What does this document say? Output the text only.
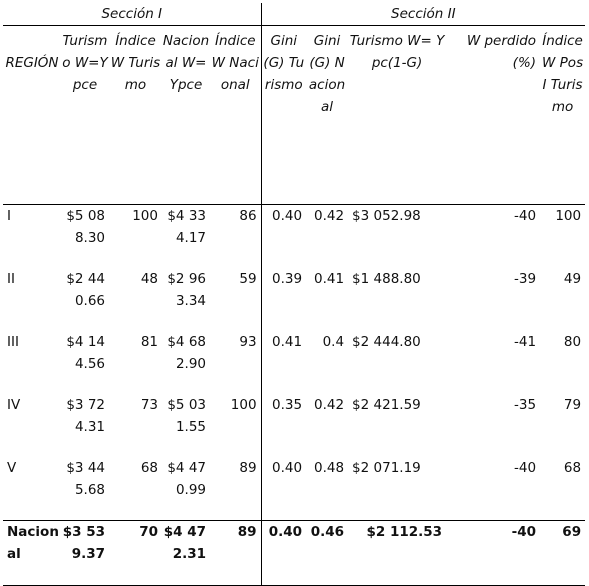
Sección I					Sección II				
REGIÓN	Turismo W=Ypce	Índice W Turismo	Nacional W=Ypce	Índice W Nacional	Gini (G) Turismo	Gini (G) Nacional	Turismo W= Ypc(1-G)	W perdido (%)	Índice W Pos I Turismo
I	$5 088.30	100	$4 334.17	86	0.40	0.42	$3 052.98	-40	100
II	$2 440.66	48	$2 963.34	59	0.39	0.41	$1 488.80	-39	49
III	$4 144.56	81	$4 682.90	93	0.41	0.4	$2 444.80	-41	80
IV	$3 724.31	73	$5 031.55	100	0.35	0.42	$2 421.59	-35	79
V	$3 445.68	68	$4 470.99	89	0.40	0.48	$2 071.19	-40	68
Nacional	$3 539.37	70	$4 472.31	89	0.40	0.46	$2 112.53	-40	69
